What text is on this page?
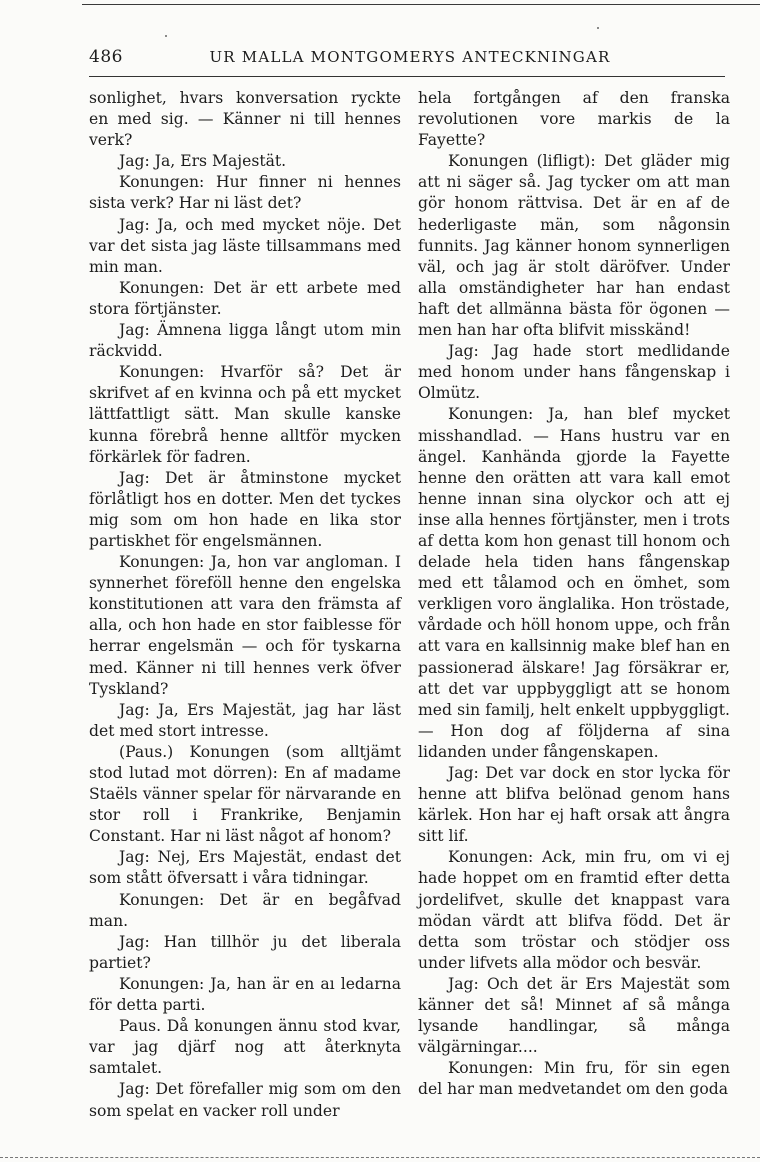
486	UR MALLA MONTGOMERYS ANTECKNINGAR

sonlighet, hvars konversation ryckte en med sig. — Känner ni till hennes verk?

Jag: Ja, Ers Majestät.

Konungen: Hur finner ni hennes sista verk? Har ni läst det?

Jag: Ja, och med mycket nöje. Det var det sista jag läste tillsammans med min man.

Konungen: Det är ett arbete med stora förtjänster.

Jag: Ämnena ligga långt utom min räckvidd.

Konungen: Hvarför så? Det är skrifvet af en kvinna och på ett mycket lättfattligt sätt. Man skulle kanske kunna förebrå henne alltför mycken förkärlek för fadren.

Jag: Det är åtminstone mycket förlåtligt hos en dotter. Men det tyckes mig som om hon hade en lika stor partiskhet för engelsmännen.

Konungen: Ja, hon var angloman. I synnerhet föreföll henne den engelska konstitutionen att vara den främsta af alla, och hon hade en stor faiblesse för herrar engelsmän — och för tyskarna med. Känner ni till hennes verk öfver Tyskland?

Jag: Ja, Ers Majestät, jag har läst det med stort intresse.

(Paus.) Konungen (som alltjämt stod lutad mot dörren): En af madame Staëls vänner spelar för närvarande en stor roll i Frankrike, Benjamin Constant. Har ni läst något af honom?

Jag: Nej, Ers Majestät, endast det som stått öfversatt i våra tidningar.

Konungen: Det är en begåfvad man.

Jag: Han tillhör ju det liberala partiet?

Konungen: Ja, han är en aı ledarna för detta parti.

Paus. Då konungen ännu stod kvar, var jag djärf nog att återknyta samtalet.

Jag: Det förefaller mig som om den som spelat en vacker roll under

hela fortgången af den franska revolutionen vore markis de la Fayette?

Konungen (lifligt): Det gläder mig att ni säger så. Jag tycker om att man gör honom rättvisa. Det är en af de hederligaste män, som någonsin funnits. Jag känner honom synnerligen väl, och jag är stolt däröfver. Under alla omständigheter har han endast haft det allmänna bästa för ögonen — men han har ofta blifvit misskänd!

Jag: Jag hade stort medlidande med honom under hans fångenskap i Olmütz.

Konungen: Ja, han blef mycket misshandlad. — Hans hustru var en ängel. Kanhända gjorde la Fayette henne den orätten att vara kall emot henne innan sina olyckor och att ej inse alla hennes förtjänster, men i trots af detta kom hon genast till honom och delade hela tiden hans fångenskap med ett tålamod och en ömhet, som verkligen voro änglalika. Hon tröstade, vårdade och höll honom uppe, och från att vara en kallsinnig make blef han en passionerad älskare! Jag försäkrar er, att det var uppbyggligt att se honom med sin familj, helt enkelt uppbyggligt. — Hon dog af följderna af sina lidanden under fångenskapen.

Jag: Det var dock en stor lycka för henne att blifva belönad genom hans kärlek. Hon har ej haft orsak att ångra sitt lif.

Konungen: Ack, min fru, om vi ej hade hoppet om en framtid efter detta jordelifvet, skulle det knappast vara mödan värdt att blifva född. Det är detta som tröstar och stödjer oss under lifvets alla mödor och besvär.

Jag: Och det är Ers Majestät som känner det så! Minnet af så många lysande handlingar, så många välgärningar....

Konungen: Min fru, för sin egen del har man medvetandet om den goda
